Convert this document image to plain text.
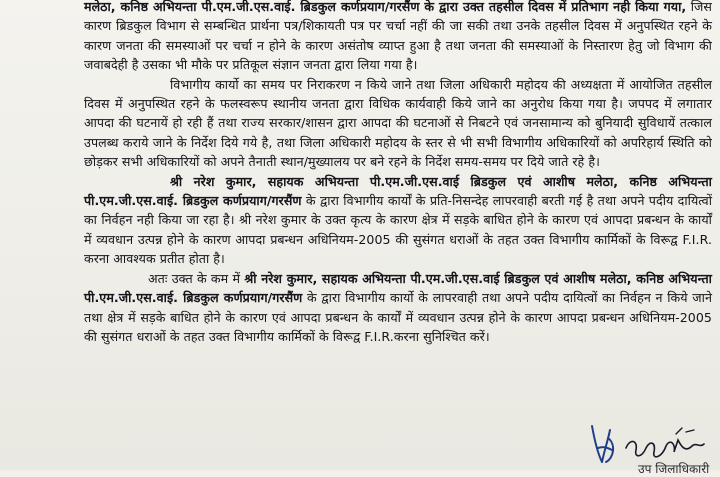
मलेठा, कनिष्ठ अभियन्ता पी.एम.जी.एस.वाई. ब्रिडकुल कर्णप्रयाग/गरसैंण के द्वारा उक्त तहसील दिवस में प्रतिभाग नही किया गया, जिस कारण ब्रिडकुल विभाग से सम्बन्धित प्रार्थना पत्र/शिकायती पत्र पर चर्चा नहीं की जा सकी तथा उनके तहसील दिवस में अनुपस्थित रहने के कारण जनता की समस्याओं पर चर्चा न होने के कारण असंतोष व्याप्त हुआ है तथा जनता की समस्याओं के निस्तारण हेतु जो विभाग की जवाबदेही है उसका भी मौके पर प्रतिकूल संज्ञान जनता द्वारा लिया गया है।

विभागीय कार्यो का समय पर निराकरण न किये जाने तथा जिला अधिकारी महोदय की अध्यक्षता में आयोजित तहसील दिवस में अनुपस्थित रहने के फलस्वरूप स्थानीय जनता द्वारा विधिक कार्यवाही किये जाने का अनुरोध किया गया है। जपपद में लगातार आपदा की घटनायें हो रही हैं तथा राज्य सरकार/शासन द्वारा आपदा की घटनाओं से निबटने एवं जनसामान्य को बुनियादी सुविधायें तत्काल उपलब्ध कराये जाने के निर्देश दिये गये है, तथा जिला अधिकारी महोदय के स्तर से भी सभी विभागीय अधिकारियों को अपरिहार्य स्थिति को छोड़कर सभी अधिकारियों को अपने तैनाती स्थान/मुख्यालय पर बने रहने के निर्देश समय-समय पर दिये जाते रहे है।

श्री नरेश कुमार, सहायक अभियन्ता पी.एम.जी.एस.वाई ब्रिडकुल एवं आशीष मलेठा, कनिष्ठ अभियन्ता पी.एम.जी.एस.वाई. ब्रिडकुल कर्णप्रयाग/गरसैंण के द्वारा विभागीय कार्यों के प्रति-निसन्देह लापरवाही बरती गई है तथा अपने पदीय दायित्वों का निर्वहन नही किया जा रहा है। श्री नरेश कुमार के उक्त कृत्य के कारण क्षेत्र में सड़के बाधित होने के कारण एवं आपदा प्रबन्धन के कार्यों में व्यवधान उत्पन्न होने के कारण आपदा प्रबन्धन अधिनियम-2005 की सुसंगत धराओं के तहत उक्त विभागीय कार्मिकों के विरूद्व F.I.R. करना आवश्यक प्रतीत होता है।

अतः उक्त के कम में श्री नरेश कुमार, सहायक अभियन्ता पी.एम.जी.एस.वाई ब्रिडकुल एवं आशीष मलेठा, कनिष्ठ अभियन्ता पी.एम.जी.एस.वाई. ब्रिडकुल कर्णप्रयाग/गरसैंण के द्वारा विभागीय कार्यो के लापरवाही तथा अपने पदीय दायित्वों का निर्वहन न किये जाने तथा क्षेत्र में सड़के बाधित होने के कारण एवं आपदा प्रबन्धन के कार्यों में व्यवधान उत्पन्न होने के कारण आपदा प्रबन्धन अधिनियम-2005 की सुसंगत धराओं के तहत उक्त विभागीय कार्मिकों के विरूद्व F.I.R.करना सुनिश्चित करें।

उप जिलाधिकारी
